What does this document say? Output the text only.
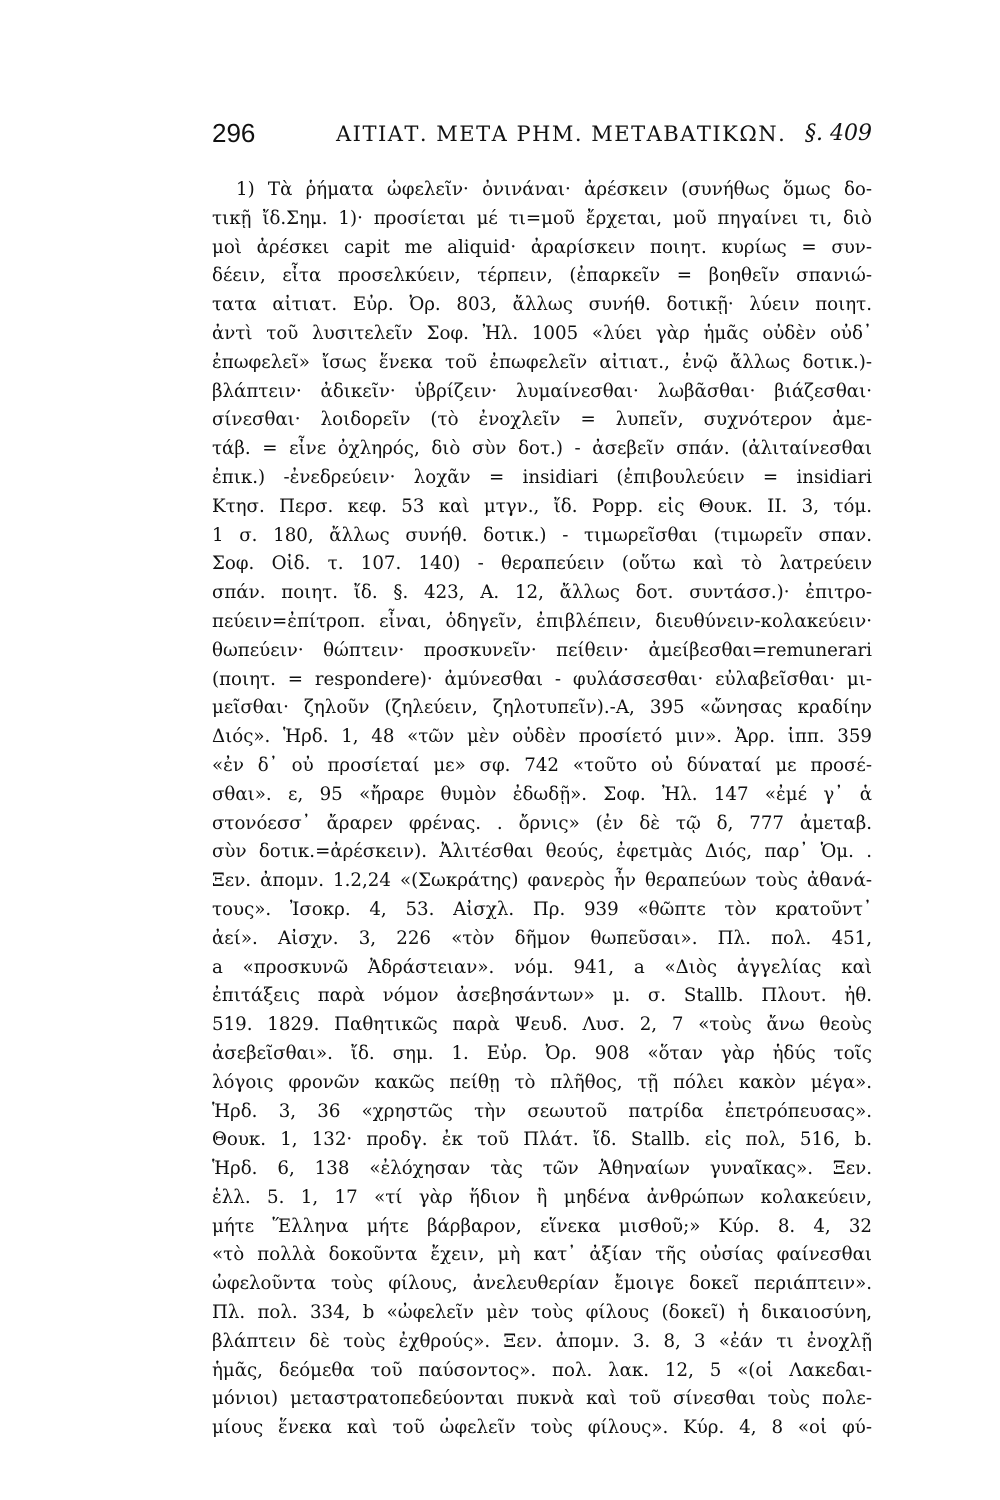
296	ΑΙΤΙΑΤ. ΜΕΤΑ ΡΗΜ. ΜΕΤΑΒΑΤΙΚΩΝ. §. 409
1) Τὰ ῥήματα ὠφελεῖν· ὀνινάναι· ἀρέσκειν (συνήθως ὅμως δο-
τικῇ ἴδ.Σημ. 1)· προσίεται μέ τι=μοῦ ἔρχεται, μοῦ πηγαίνει τι, διὸ
μοὶ ἀρέσκει capit me aliquid· ἀραρίσκειν ποιητ. κυρίως = συν-
δέειν, εἶτα προσελκύειν, τέρπειν, (ἐπαρκεῖν = βοηθεῖν σπανιώ-
τατα αἰτιατ. Εὐρ. Ὀρ. 803, ἄλλως συνήθ. δοτικῇ· λύειν ποιητ.
ἀντὶ τοῦ λυσιτελεῖν Σοφ. Ἠλ. 1005 «λύει γὰρ ἡμᾶς οὐδὲν οὐδ᾽
ἐπωφελεῖ» ἴσως ἕνεκα τοῦ ἐπωφελεῖν αἰτιατ., ἐνῷ ἄλλως δοτικ.)-
βλάπτειν· ἀδικεῖν· ὑβρίζειν· λυμαίνεσθαι· λωβᾶσθαι· βιάζεσθαι·
σίνεσθαι· λοιδορεῖν (τὸ ἐνοχλεῖν = λυπεῖν, συχνότερον ἀμε-
τάβ. = εἶνε ὀχληρός, διὸ σὺν δοτ.) - ἀσεβεῖν σπάν. (ἀλιταίνεσθαι
ἐπικ.) -ἐνεδρεύειν· λοχᾶν = insidiari (ἐπιβουλεύειν = insidiari
Κτησ. Περσ. κεφ. 53 καὶ μτγν., ἴδ. Popp. εἰς Θουκ. II. 3, τόμ.
1 σ. 180, ἄλλως συνήθ. δοτικ.) - τιμωρεῖσθαι (τιμωρεῖν σπαν.
Σοφ. Οἰδ. τ. 107. 140) - θεραπεύειν (οὕτω καὶ τὸ λατρεύειν
σπάν. ποιητ. ἴδ. §. 423, Α. 12, ἄλλως δοτ. συντάσσ.)· ἐπιτρο-
πεύειν=ἐπίτροπ. εἶναι, ὁδηγεῖν, ἐπιβλέπειν, διευθύνειν-κολακεύειν·
θωπεύειν· θώπτειν· προσκυνεῖν· πείθειν· ἀμείβεσθαι=remunerari
(ποιητ. = respondere)· ἀμύνεσθαι - φυλάσσεσθαι· εὐλαβεῖσθαι· μι-
μεῖσθαι· ζηλοῦν (ζηλεύειν, ζηλοτυπεῖν).-Α, 395 «ὤνησας κραδίην
Διός». Ἡρδ. 1, 48 «τῶν μὲν οὐδὲν προσίετό μιν». Ἀρρ. ἱππ. 359
«ἐν δ᾽ οὐ προσίεταί με» σφ. 742 «τοῦτο οὐ δύναταί με προσέ-
σθαι». ε, 95 «ἤραρε θυμὸν ἐδωδῇ». Σοφ. Ἠλ. 147 «ἐμέ γ᾽ ἁ
στονόεσσ᾽ ἄραρεν φρένας. . ὄρνις» (ἐν δὲ τῷ δ, 777 ἀμεταβ.
σὺν δοτικ.=ἀρέσκειν). Ἀλιτέσθαι θεούς, ἐφετμὰς Διός, παρ᾽ Ὁμ. .
Ξεν. ἀπομν. 1.2,24 «(Σωκράτης) φανερὸς ἦν θεραπεύων τοὺς ἀθανά-
τους». Ἰσοκρ. 4, 53. Αἰσχλ. Πρ. 939 «θῶπτε τὸν κρατοῦντ᾽
ἀεί». Αἰσχν. 3, 226 «τὸν δῆμον θωπεῦσαι». Πλ. πολ. 451,
a «προσκυνῶ Ἀδράστειαν». νόμ. 941, a «Διὸς ἀγγελίας καὶ
ἐπιτάξεις παρὰ νόμον ἀσεβησάντων» μ. σ. Stallb. Πλουτ. ἠθ.
519. 1829. Παθητικῶς παρὰ Ψευδ. Λυσ. 2, 7 «τοὺς ἄνω θεοὺς
ἀσεβεῖσθαι». ἴδ. σημ. 1. Εὐρ. Ὀρ. 908 «ὅταν γὰρ ἡδύς τοῖς
λόγοις φρονῶν κακῶς πείθῃ τὸ πλῆθος, τῇ πόλει κακὸν μέγα».
Ἡρδ. 3, 36 «χρηστῶς τὴν σεωυτοῦ πατρίδα ἐπετρόπευσας».
Θουκ. 1, 132· προδγ. ἐκ τοῦ Πλάτ. ἴδ. Stallb. εἰς πολ, 516, b.
Ἡρδ. 6, 138 «ἐλόχησαν τὰς τῶν Ἀθηναίων γυναῖκας». Ξεν.
ἑλλ. 5. 1, 17 «τί γὰρ ἥδιον ἢ μηδένα ἀνθρώπων κολακεύειν,
μήτε Ἕλληνα μήτε βάρβαρον, εἵνεκα μισθοῦ;» Κύρ. 8. 4, 32
«τὸ πολλὰ δοκοῦντα ἔχειν, μὴ κατ᾽ ἀξίαν τῆς οὐσίας φαίνεσθαι
ὠφελοῦντα τοὺς φίλους, ἀνελευθερίαν ἔμοιγε δοκεῖ περιάπτειν».
Πλ. πολ. 334, b «ὠφελεῖν μὲν τοὺς φίλους (δοκεῖ) ἡ δικαιοσύνη,
βλάπτειν δὲ τοὺς ἐχθρούς». Ξεν. ἀπομν. 3. 8, 3 «ἐάν τι ἐνοχλῇ
ἡμᾶς, δεόμεθα τοῦ παύσοντος». πολ. λακ. 12, 5 «(οἱ Λακεδαι-
μόνιοι) μεταστρατοπεδεύονται πυκνὰ καὶ τοῦ σίνεσθαι τοὺς πολε-
μίους ἕνεκα καὶ τοῦ ὠφελεῖν τοὺς φίλους». Κύρ. 4, 8 «οἱ φύ-
